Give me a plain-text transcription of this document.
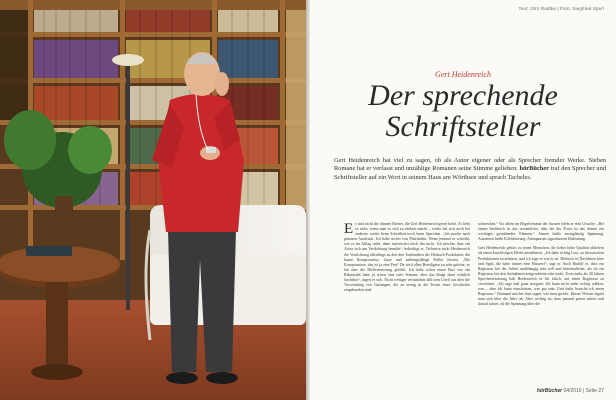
Text: Jörn Radtke | Foto: Siegfried Sperl
Gert Heidenreich
Der sprechende
Schriftsteller
Gert Heidenreich hat viel zu sagen, ob als Autor eigener oder als Sprecher fremder Werke. Sieben Romane hat er verfasst und unzählige Romanen seine Stimme geliehen. hörBücher traf den Sprecher und Schriftsteller auf ein Wort in seinem Haus am Wörthsee und sprach Tacheles.

Es sind nicht die dünnen Bretter, die Gert Heidenreich gerne bohrt. Er liebt es nicht, wenn man es sich zu einfach macht – weder bei sich noch bei anderen, weder beim Schreiben noch beim Sprechen. „Ich mache nach präzisen Ausdruck. Ich halte nichts von Plattitüden. Wenn jemand es schreibt, wie es im Alltag redet, dann interessiert mich das nicht. Ich möchte, dass ein Autor sich um Verdichtung bemüht“, bekräftigt er. Teilweise nickt Heidenreich der Verdichtung allerdings zu den drei Tonbändern der Hörbuch-Produktion, die kaum Kompromisse, Gaze und zahlungsfähige Fehler leisten. „Die Kompromisse, das ist ja eine Pest! Da wird allen Beteiligten zu sehr gefrönt, es hat aber die Differenzierung gefehlt. Ich habe schon einen Bart wie ein Rübenzahl habe ja schon eine tiefe Stimme, aber das klingt dann wirklich furchtbar“, ärgert er sich. Nicht weniger verständnis fällt sein Urteil aus über die Verwendung von Gattungen, die zu wenig in die Textur einer Geschichte eingebunden sind.

schmecken.“ Vor allem im Hegelseminar der Aussen erlebt er eine Ursache. „Bei einem Sachbuch ist das wesentliche, aber bei der Prosa ist das Atmen ein wichtiges gestaltendes Element.“ Atmen heiße zwangläufig Spannung. Ausatmen heiße Erleichterung. Atempausen signalisieren Bedeutung.

Gert Heidenreich gehört zu jenen Menschen, die lieber hohe Qualität abliefern als einen kurzfristigen Effekt mitnehmen. „Ich habe richtig Lust, zu literarischen Produktionen zu arbeiten, und ich sage es wie es ist. Hörbuch ist Nachlesen böse und Spaß, die hatte immer eine Hinwerf“, sagt er. Auch Rudolf er, dass ein Regisseur bei der Arbeit unabhängig sein soll und hineinarbeitet, als ob ein Regisseur bei den Aufnahmen mitgearbeitet oder nicht. Trotz mehr als 30 Jahren Sprechererfahrung hält Heidenreich es für falsch, auf einen Regisseur zu verzichten. „Ich sage mal ganz arrogant: Ich kann nicht mehr richtig wählen, was – aber ich kann einschätzen, was gut sein. Und dafür brauche ich einen Regisseur.“ Niemand möchte ihm sagen, wie man spricht. Dieses Wissen eignet man sich über die Jahre an. Aber wichtig ist, dass jemand genau zuhört und darauf achtet, ob die Spannung über die

hörBücher 04/2010 | Seite 27
